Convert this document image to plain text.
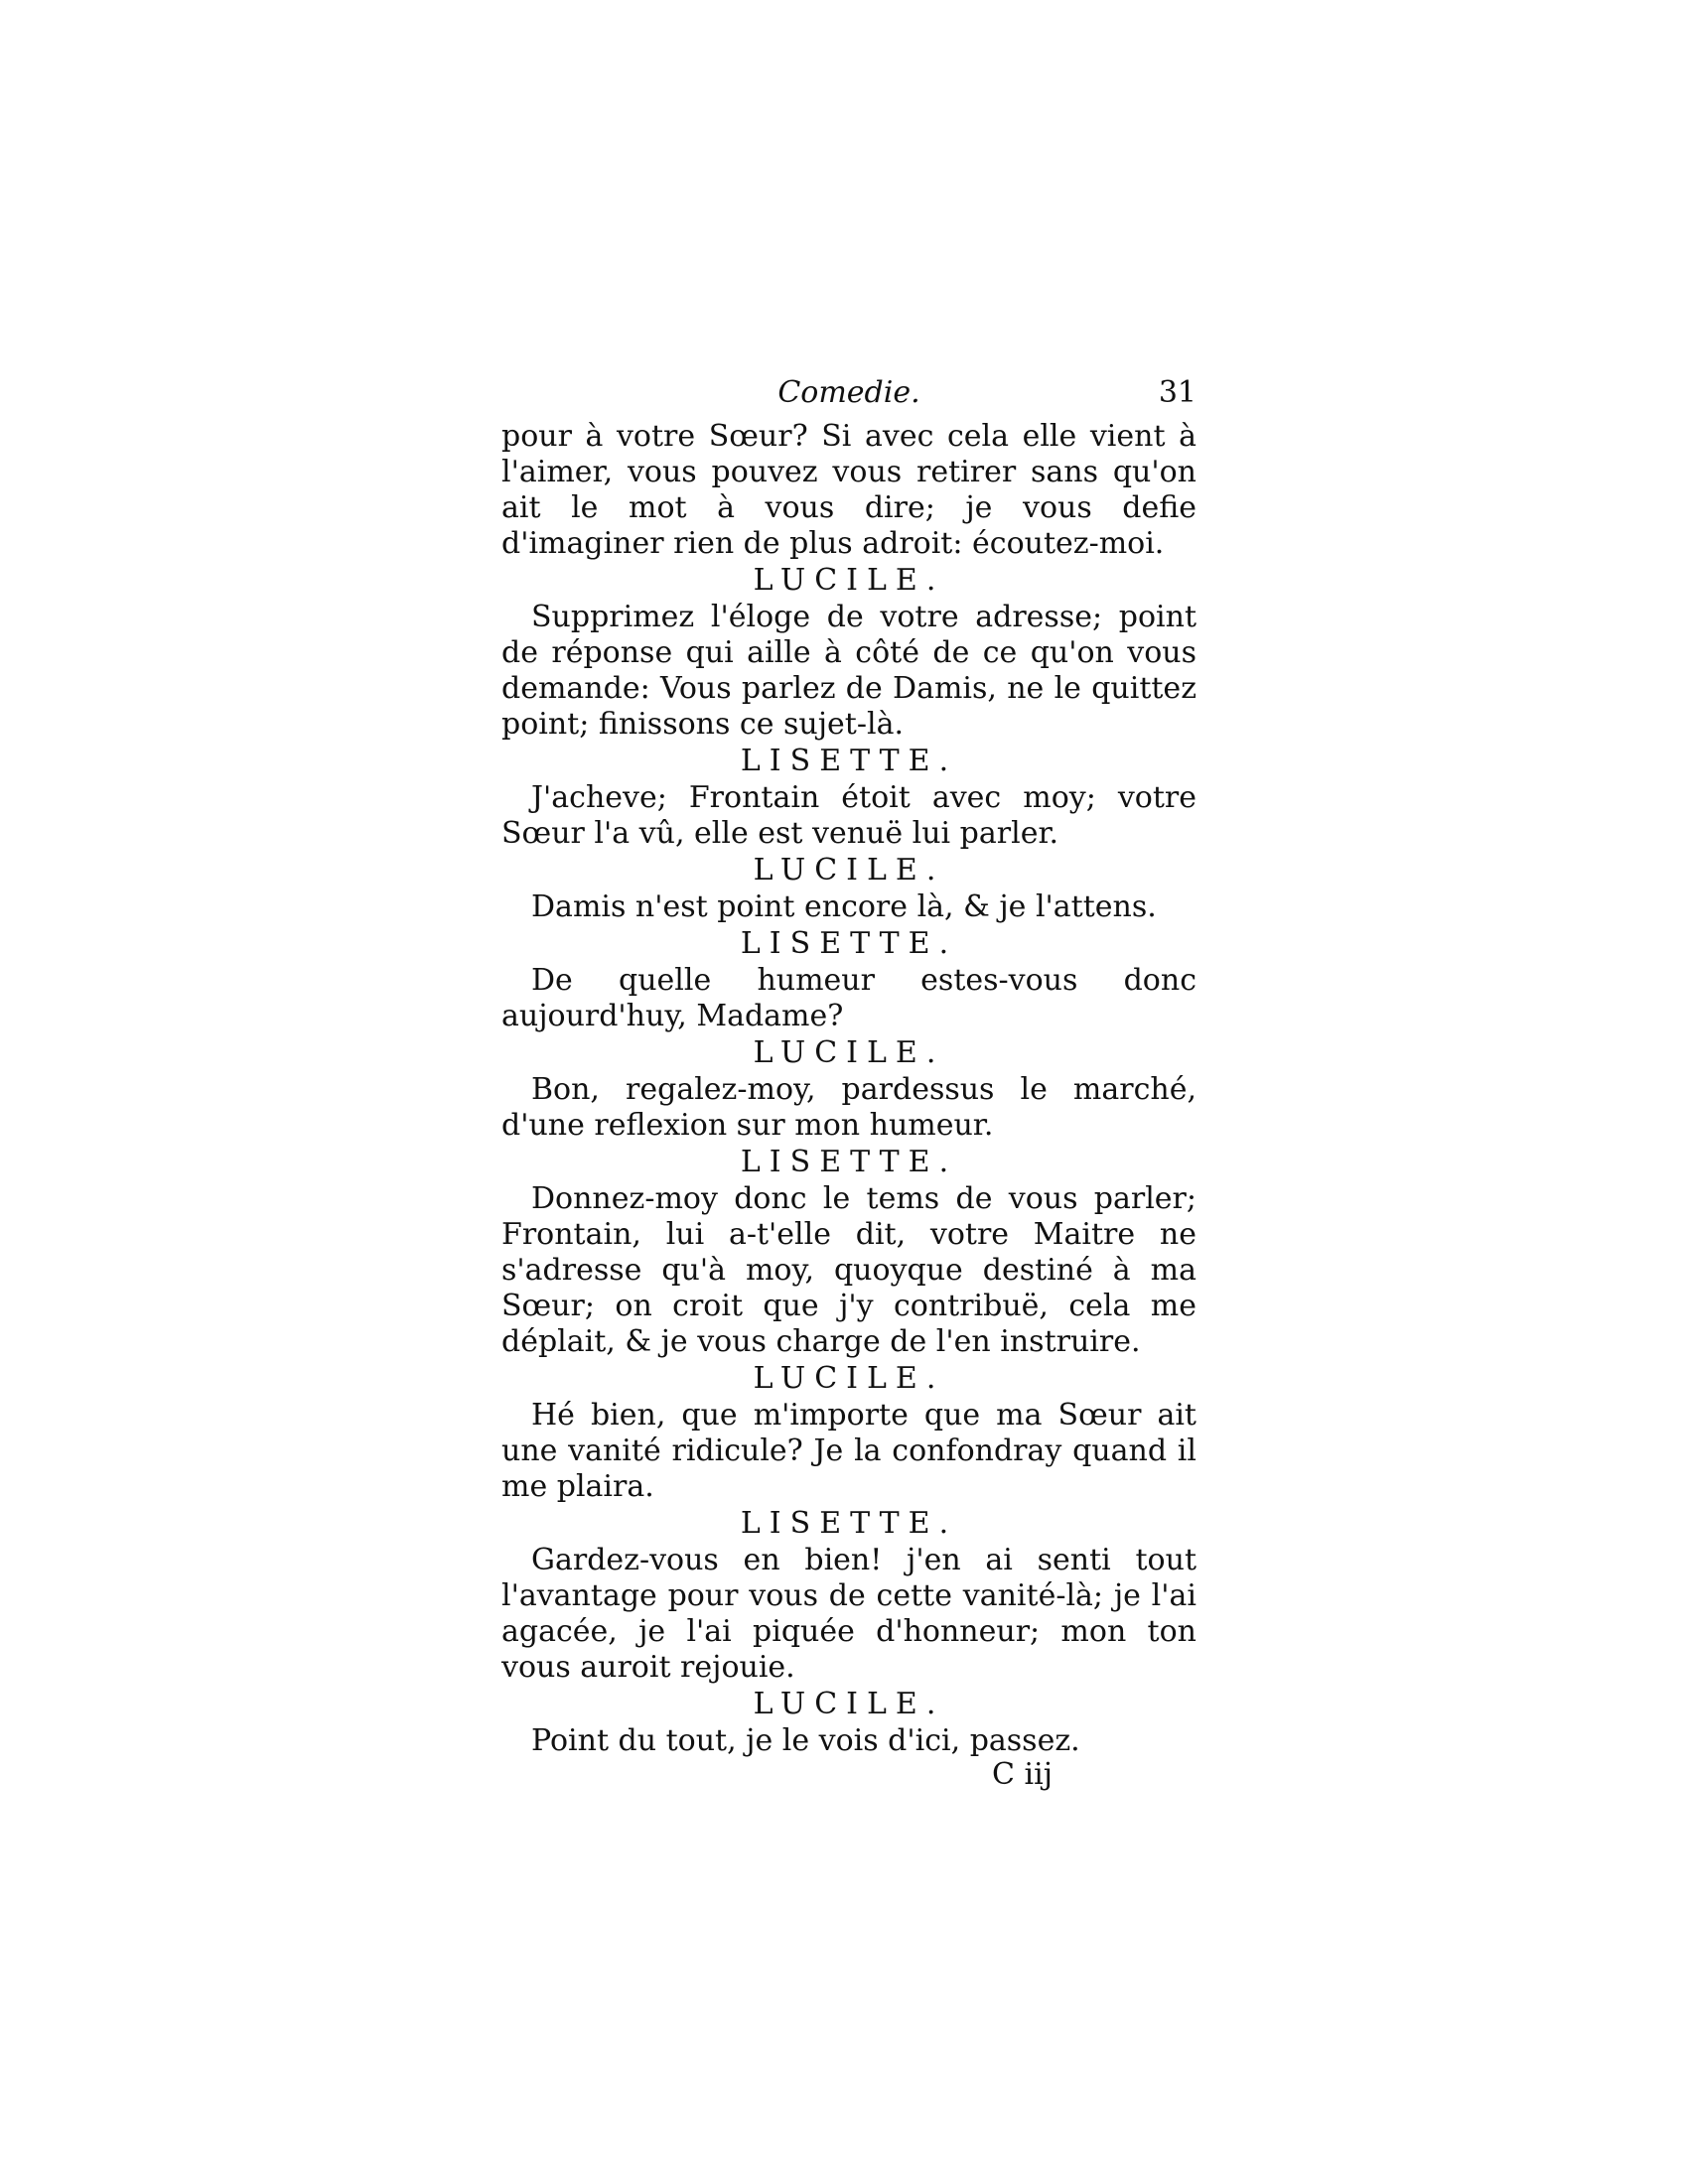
Comedie.	31

pour à votre Sœur? Si avec cela elle vient à l'aimer, vous pouvez vous retirer sans qu'on ait le mot à vous dire; je vous defie d'imaginer rien de plus adroit: écoutez-moi.

LUCILE.

Supprimez l'éloge de votre adresse; point de réponse qui aille à côté de ce qu'on vous demande: Vous parlez de Damis, ne le quittez point; finissons ce sujet-là.

LISETTE.

J'acheve; Frontain étoit avec moy; votre Sœur l'a vû, elle est venuë lui parler.

LUCILE.

Damis n'est point encore là, & je l'attens.

LISETTE.

De quelle humeur estes-vous donc aujourd'huy, Madame?

LUCILE.

Bon, regalez-moy, pardessus le marché, d'une reflexion sur mon humeur.

LISETTE.

Donnez-moy donc le tems de vous parler; Frontain, lui a-t'elle dit, votre Maitre ne s'adresse qu'à moy, quoyque destiné à ma Sœur; on croit que j'y contribuë, cela me déplait, & je vous charge de l'en instruire.

LUCILE.

Hé bien, que m'importe que ma Sœur ait une vanité ridicule? Je la confondray quand il me plaira.

LISETTE.

Gardez-vous en bien! j'en ai senti tout l'avantage pour vous de cette vanité-là; je l'ai agacée, je l'ai piquée d'honneur; mon ton vous auroit rejouie.

LUCILE.

Point du tout, je le vois d'ici, passez.

C iij
